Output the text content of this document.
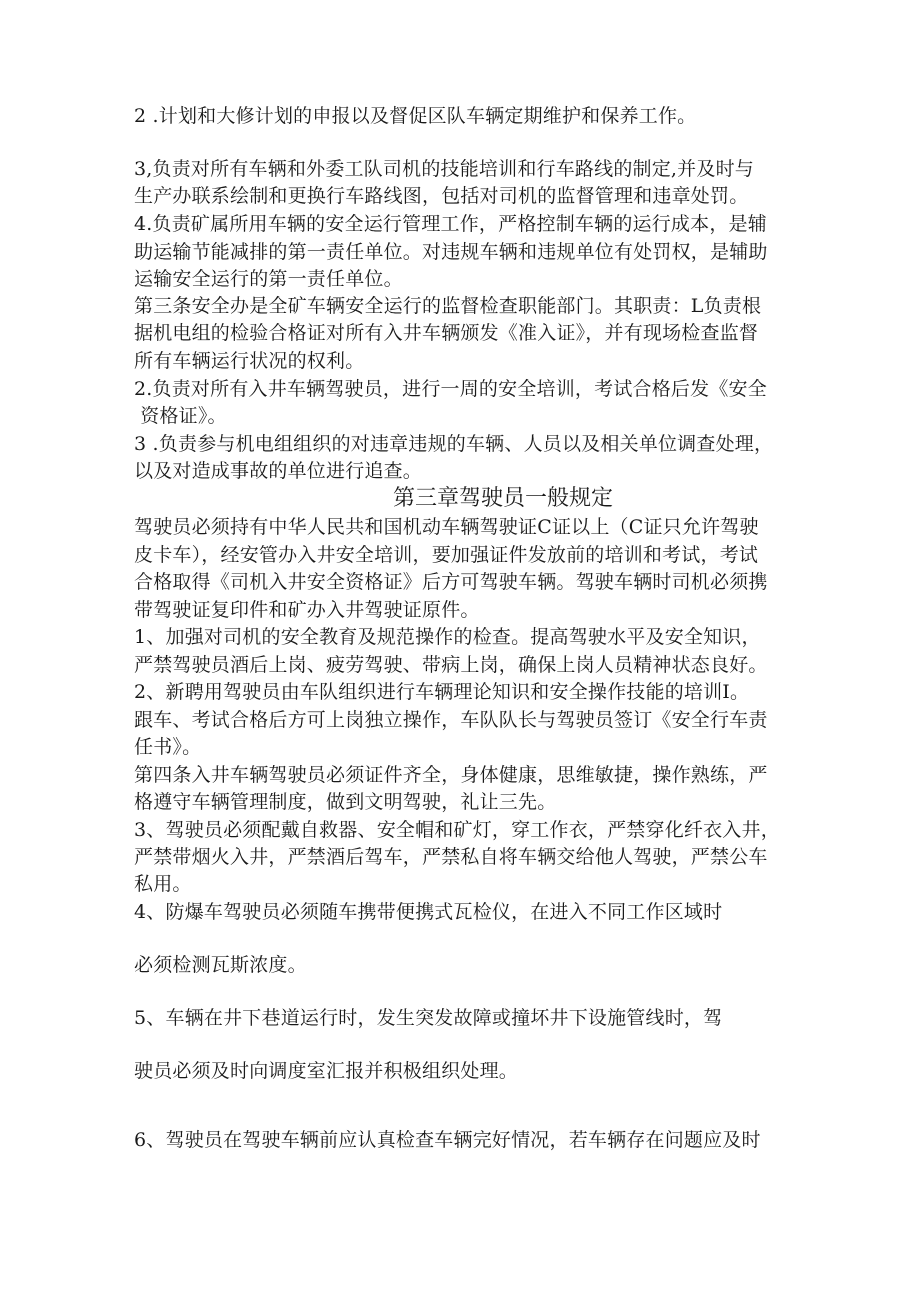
2 .计划和大修计划的申报以及督促区队车辆定期维护和保养工作。
3,负责对所有车辆和外委工队司机的技能培训和行车路线的制定,并及时与
生产办联系绘制和更换行车路线图，包括对司机的监督管理和违章处罚。
4.负责矿属所用车辆的安全运行管理工作，严格控制车辆的运行成本，是辅
助运输节能减排的第一责任单位。对违规车辆和违规单位有处罚权，是辅助
运输安全运行的第一责任单位。
第三条安全办是全矿车辆安全运行的监督检查职能部门。其职责：L负责根
据机电组的检验合格证对所有入井车辆颁发《准入证》，并有现场检查监督
所有车辆运行状况的权利。
2.负责对所有入井车辆驾驶员，进行一周的安全培训，考试合格后发《安全
资格证》。
3 .负责参与机电组组织的对违章违规的车辆、人员以及相关单位调查处理，
以及对造成事故的单位进行追查。
第三章驾驶员一般规定
驾驶员必须持有中华人民共和国机动车辆驾驶证C证以上（C证只允许驾驶
皮卡车），经安管办入井安全培训，要加强证件发放前的培训和考试，考试
合格取得《司机入井安全资格证》后方可驾驶车辆。驾驶车辆时司机必须携
带驾驶证复印件和矿办入井驾驶证原件。
1、加强对司机的安全教育及规范操作的检查。提高驾驶水平及安全知识，
严禁驾驶员酒后上岗、疲劳驾驶、带病上岗，确保上岗人员精神状态良好。
2、新聘用驾驶员由车队组织进行车辆理论知识和安全操作技能的培训I。
跟车、考试合格后方可上岗独立操作，车队队长与驾驶员签订《安全行车责
任书》。
第四条入井车辆驾驶员必须证件齐全，身体健康，思维敏捷，操作熟练，严
格遵守车辆管理制度，做到文明驾驶，礼让三先。
3、驾驶员必须配戴自救器、安全帽和矿灯，穿工作衣，严禁穿化纤衣入井，
严禁带烟火入井，严禁酒后驾车，严禁私自将车辆交给他人驾驶，严禁公车
私用。
4、防爆车驾驶员必须随车携带便携式瓦检仪，在进入不同工作区域时
必须检测瓦斯浓度。
5、车辆在井下巷道运行时，发生突发故障或撞坏井下设施管线时，驾
驶员必须及时向调度室汇报并积极组织处理。
6、驾驶员在驾驶车辆前应认真检查车辆完好情况，若车辆存在问题应及时
